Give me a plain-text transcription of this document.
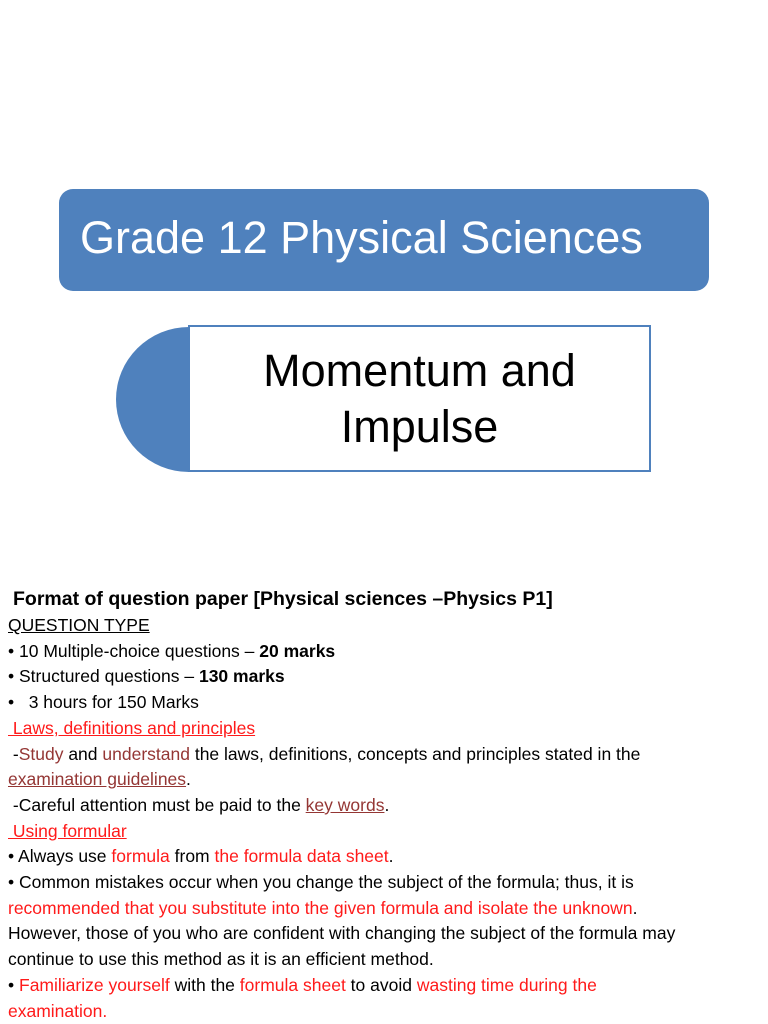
Grade 12 Physical Sciences
Momentum and
Impulse
Format of question paper [Physical sciences –Physics P1]
QUESTION TYPE
• 10 Multiple-choice questions – 20 marks
• Structured questions – 130 marks
•   3 hours for 150 Marks
Laws, definitions and principles
-Study and understand the laws, definitions, concepts and principles stated in the
examination guidelines.
-Careful attention must be paid to the key words.
Using formular
• Always use formula from the formula data sheet.
• Common mistakes occur when you change the subject of the formula; thus, it is
recommended that you substitute into the given formula and isolate the unknown.
However, those of you who are confident with changing the subject of the formula may
continue to use this method as it is an efficient method.
• Familiarize yourself with the formula sheet to avoid wasting time during the
examination.
